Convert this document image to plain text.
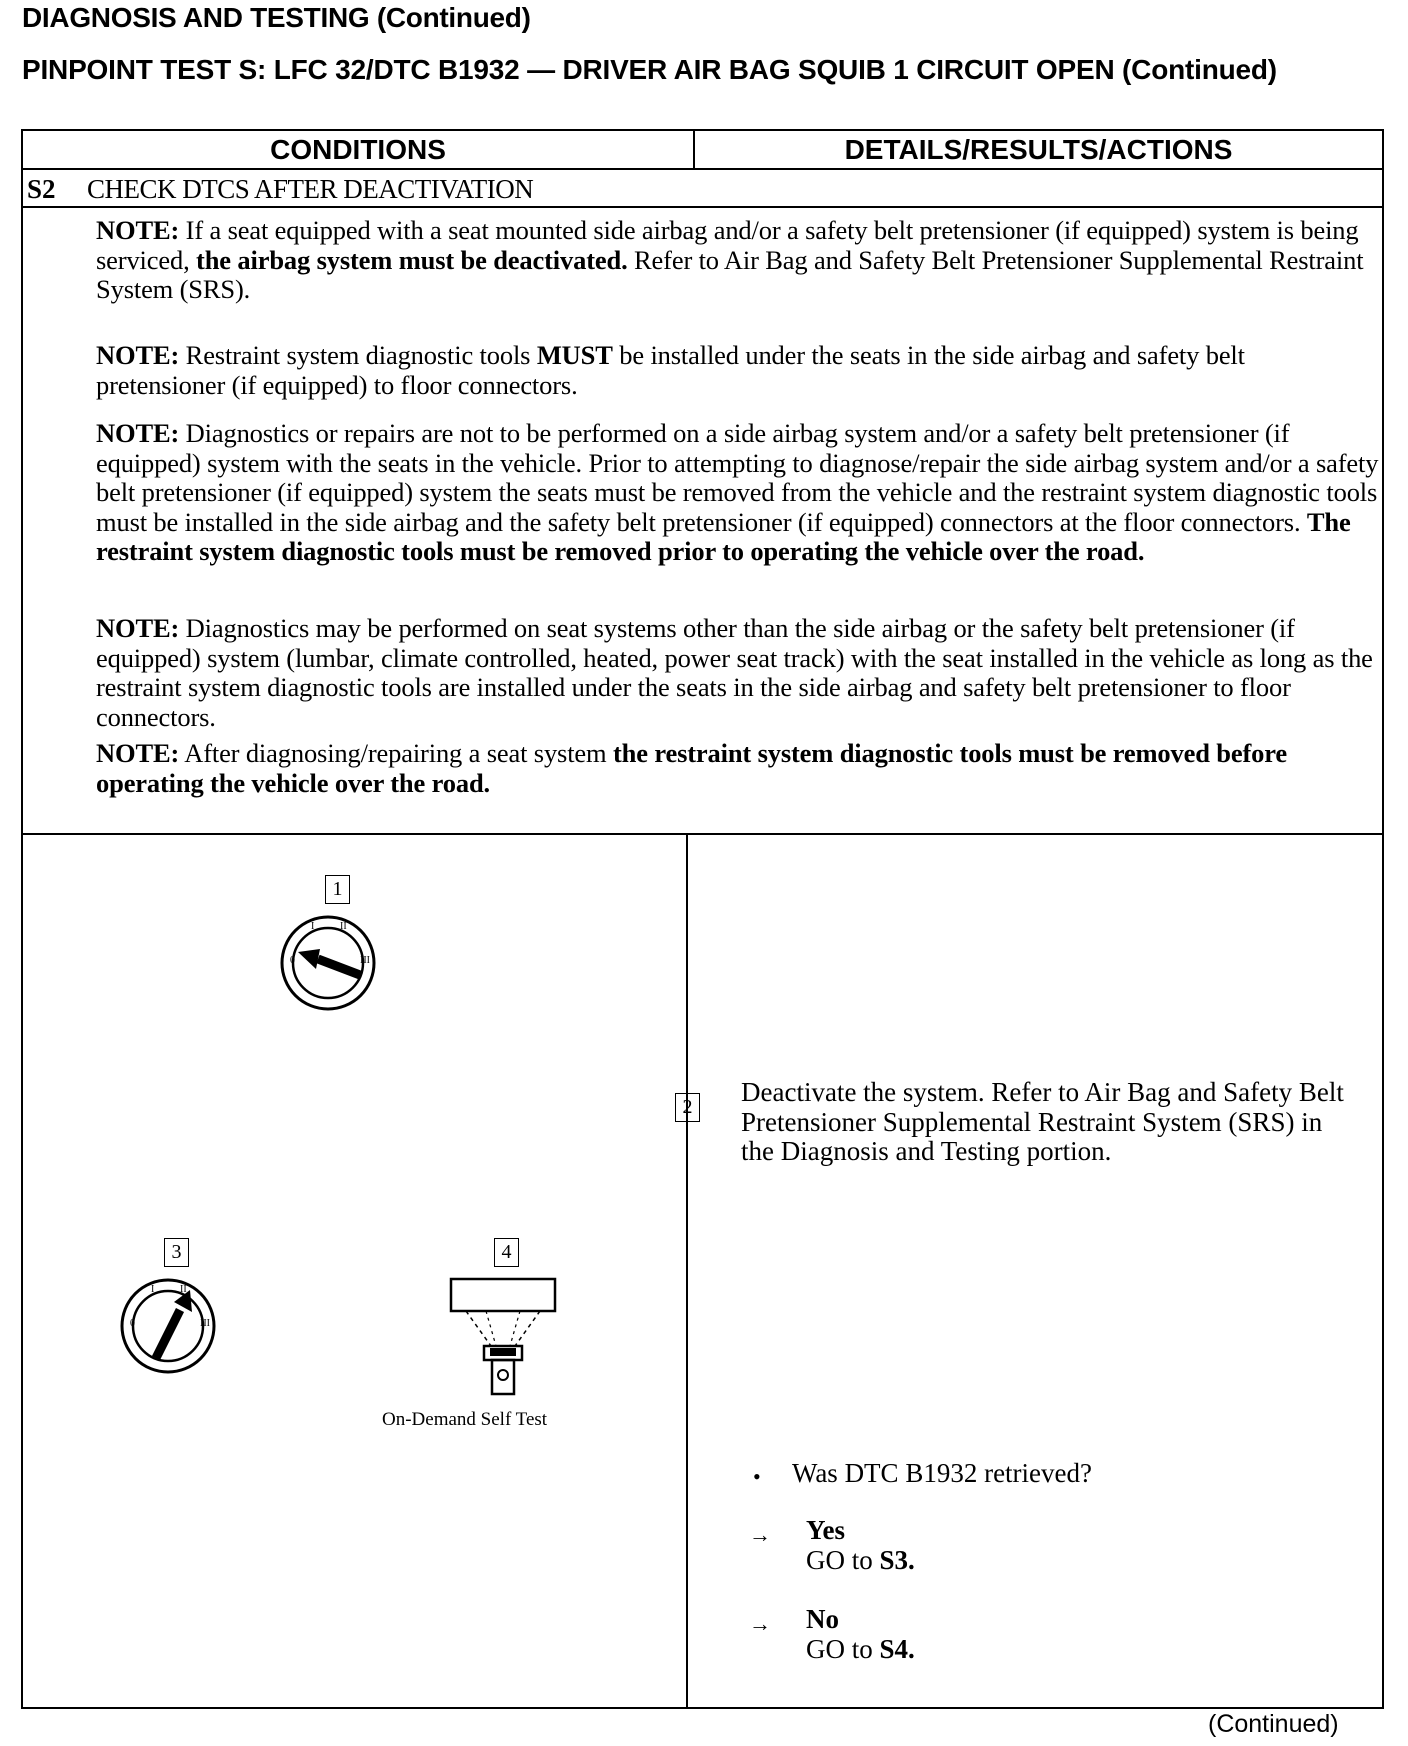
DIAGNOSIS AND TESTING (Continued)
PINPOINT TEST S: LFC 32/DTC B1932 — DRIVER AIR BAG SQUIB 1 CIRCUIT OPEN (Continued)
CONDITIONS	DETAILS/RESULTS/ACTIONS
S2 CHECK DTCS AFTER DEACTIVATION
NOTE: If a seat equipped with a seat mounted side airbag and/or a safety belt pretensioner (if equipped) system is being serviced, the airbag system must be deactivated. Refer to Air Bag and Safety Belt Pretensioner Supplemental Restraint System (SRS).
NOTE: Restraint system diagnostic tools MUST be installed under the seats in the side airbag and safety belt pretensioner (if equipped) to floor connectors.
NOTE: Diagnostics or repairs are not to be performed on a side airbag system and/or a safety belt pretensioner (if equipped) system with the seats in the vehicle. Prior to attempting to diagnose/repair the side airbag system and/or a safety belt pretensioner (if equipped) system the seats must be removed from the vehicle and the restraint system diagnostic tools must be installed in the side airbag and the safety belt pretensioner (if equipped) connectors at the floor connectors. The restraint system diagnostic tools must be removed prior to operating the vehicle over the road.
NOTE: Diagnostics may be performed on seat systems other than the side airbag or the safety belt pretensioner (if equipped) system (lumbar, climate controlled, heated, power seat track) with the seat installed in the vehicle as long as the restraint system diagnostic tools are installed under the seats in the side airbag and safety belt pretensioner to floor connectors.
NOTE: After diagnosing/repairing a seat system the restraint system diagnostic tools must be removed before operating the vehicle over the road.
1
0
I	II
III
3
0
I	II
III
4
On-Demand Self Test
2 Deactivate the system. Refer to Air Bag and Safety Belt Pretensioner Supplemental Restraint System (SRS) in the Diagnosis and Testing portion.
• Was DTC B1932 retrieved?
→ Yes
GO to S3.
→ No
GO to S4.
(Continued)
